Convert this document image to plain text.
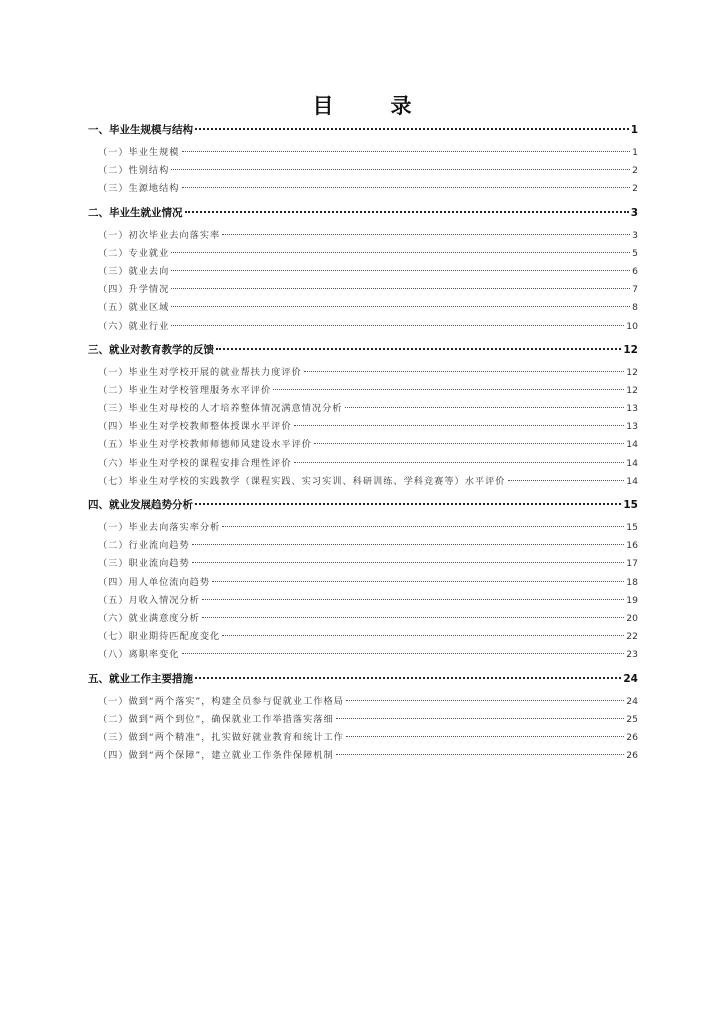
目　录
一、毕业生规模与结构	1
（一）毕业生规模	1
（二）性别结构	2
（三）生源地结构	2
二、毕业生就业情况	3
（一）初次毕业去向落实率	3
（二）专业就业	5
（三）就业去向	6
（四）升学情况	7
（五）就业区域	8
（六）就业行业	10
三、就业对教育教学的反馈	12
（一）毕业生对学校开展的就业帮扶力度评价	12
（二）毕业生对学校管理服务水平评价	12
（三）毕业生对母校的人才培养整体情况满意情况分析	13
（四）毕业生对学校教师整体授课水平评价	13
（五）毕业生对学校教师师德师风建设水平评价	14
（六）毕业生对学校的课程安排合理性评价	14
（七）毕业生对学校的实践教学（课程实践、实习实训、科研训练、学科竞赛等）水平评价	14
四、就业发展趋势分析	15
（一）毕业去向落实率分析	15
（二）行业流向趋势	16
（三）职业流向趋势	17
（四）用人单位流向趋势	18
（五）月收入情况分析	19
（六）就业满意度分析	20
（七）职业期待匹配度变化	22
（八）离职率变化	23
五、就业工作主要措施	24
（一）做到“两个落实”，构建全员参与促就业工作格局	24
（二）做到“两个到位”，确保就业工作举措落实落细	25
（三）做到“两个精准”，扎实做好就业教育和统计工作	26
（四）做到“两个保障”，建立就业工作条件保障机制	26
